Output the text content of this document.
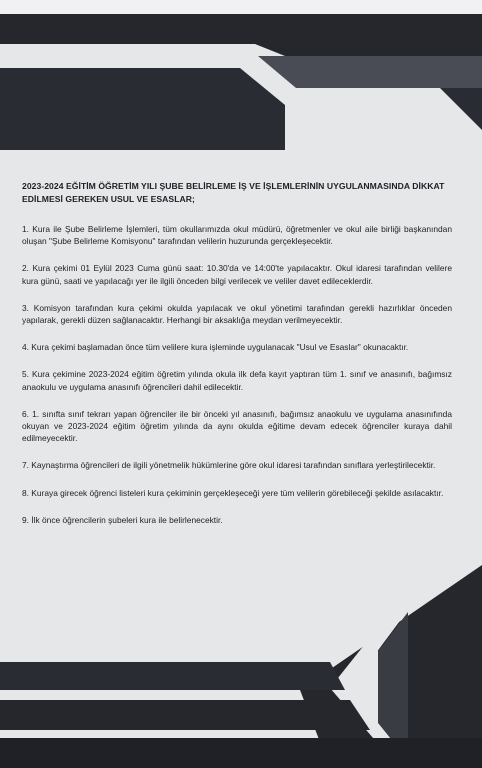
2023-2024 EĞİTİM ÖĞRETİM YILI ŞUBE BELİRLEME İŞ VE İŞLEMLERİNİN UYGULANMASINDA DİKKAT EDİLMESİ GEREKEN USUL VE ESASLAR;
1. Kura ile Şube Belirleme İşlemleri, tüm okullarımızda okul müdürü, öğretmenler ve okul aile birliği başkanından oluşan "Şube Belirleme Komisyonu" tarafından velilerin huzurunda gerçekleşecektir.
2. Kura çekimi 01 Eylül 2023 Cuma günü saat: 10.30'da ve 14:00'te yapılacaktır. Okul idaresi tarafından velilere kura günü, saati ve yapılacağı yer ile ilgili önceden bilgi verilecek ve veliler davet edileceklerdir.
3. Komisyon tarafından kura çekimi okulda yapılacak ve okul yönetimi tarafından gerekli hazırlıklar önceden yapılarak, gerekli düzen sağlanacaktır. Herhangi bir aksaklığa meydan verilmeyecektir.
4. Kura çekimi başlamadan önce tüm velilere kura işleminde uygulanacak "Usul ve Esaslar" okunacaktır.
5. Kura çekimine 2023-2024 eğitim öğretim yılında okula ilk defa kayıt yaptıran tüm 1. sınıf ve anasınıfı, bağımsız anaokulu ve uygulama anasınıfı öğrencileri dahil edilecektir.
6. 1. sınıfta sınıf tekrarı yapan öğrenciler ile bir önceki yıl anasınıfı, bağımsız anaokulu ve uygulama anasınıfında okuyan ve 2023-2024 eğitim öğretim yılında da aynı okulda eğitime devam edecek öğrenciler kuraya dahil edilmeyecektir.
7. Kaynaştırma öğrencileri de ilgili yönetmelik hükümlerine göre okul idaresi tarafından sınıflara yerleştirilecektir.
8. Kuraya girecek öğrenci listeleri kura çekiminin gerçekleşeceği yere tüm velilerin görebileceği şekilde asılacaktır.
9. İlk önce öğrencilerin şubeleri kura ile belirlenecektir.
